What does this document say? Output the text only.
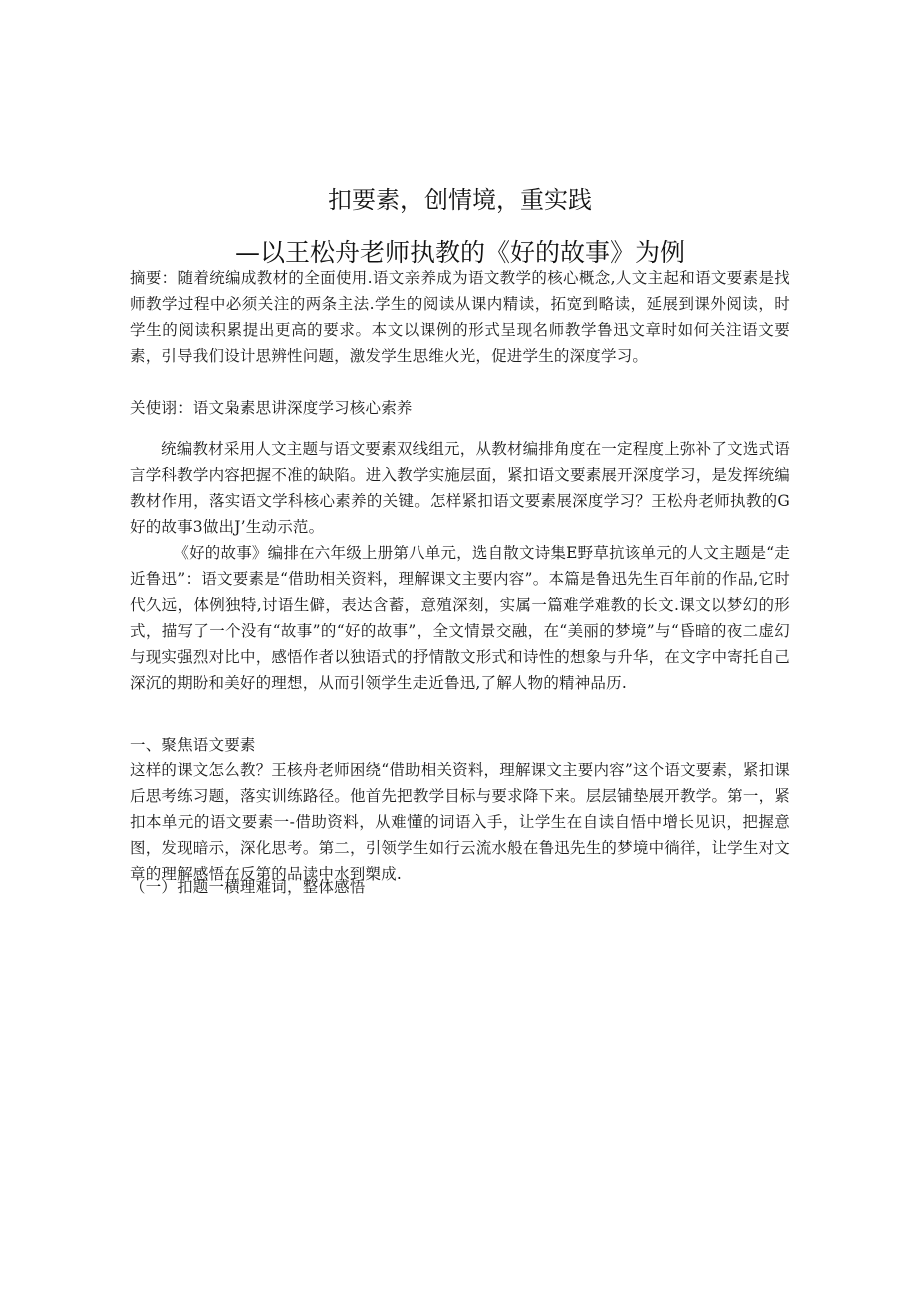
扣要素，创情境，重实践
—以王松舟老师执教的《好的故事》为例
摘要：随着统编成教材的全面使用.语文亲养成为语文教学的核心概念,人文主起和语文要素是找师教学过程中必须关注的两条主法.学生的阅读从课内精读，拓宽到略读，延展到课外阅读，时学生的阅读积累提出更高的要求。本文以课例的形式呈现名师教学鲁迅文章时如何关注语文要素，引导我们设计思辨性问题，激发学生思维火光，促进学生的深度学习。
关使诩：语文枭素思讲深度学习核心索养

统编教材采用人文主题与语文要素双线组元，从教材编排角度在一定程度上弥补了文选式语言学科教学内容把握不准的缺陷。进入教学实施层面，紧扣语文要素展开深度学习，是发挥统编教材作用，落实语文学科核心素养的关键。怎样紧扣语文要素展深度学习？王松舟老师执教的G好的故事3做出J’生动示范。

《好的故事》编排在六年级上册第八单元，选自散文诗集E野草抗该单元的人文主题是“走近鲁迅”：语文要素是“借助相关资料，理解课文主要内容”。本篇是鲁迅先生百年前的作品,它时代久远，体例独特,讨语生僻，表达含蓄，意殖深刻，实属一篇难学难教的长文.课文以梦幻的形式，描写了一个没有“故事”的“好的故事”，全文情景交融，在“美丽的梦境”与“昏暗的夜二虚幻与现实强烈对比中，感悟作者以独语式的抒情散文形式和诗性的想象与升华，在文字中寄托自己深沉的期盼和美好的理想，从而引领学生走近鲁迅,了解人物的精神品历.

一、聚焦语文要素
这样的课文怎么教？王核舟老师困绕“借助相关资料，理解课文主要内容”这个语文要素，紧扣课后思考练习题，落实训练路径。他首先把教学目标与要求降下来。层层铺垫展开教学。第一，紧扣本单元的语文要素一-借助资料，从难懂的词语入手，让学生在自读自悟中增长见识，把握意图，发现暗示，深化思考。第二，引领学生如行云流水般在鲁迅先生的梦境中徜徉，让学生对文章的理解感悟在反第的品读中水到槊成.
（一）扣题一横理难词，整体感悟
